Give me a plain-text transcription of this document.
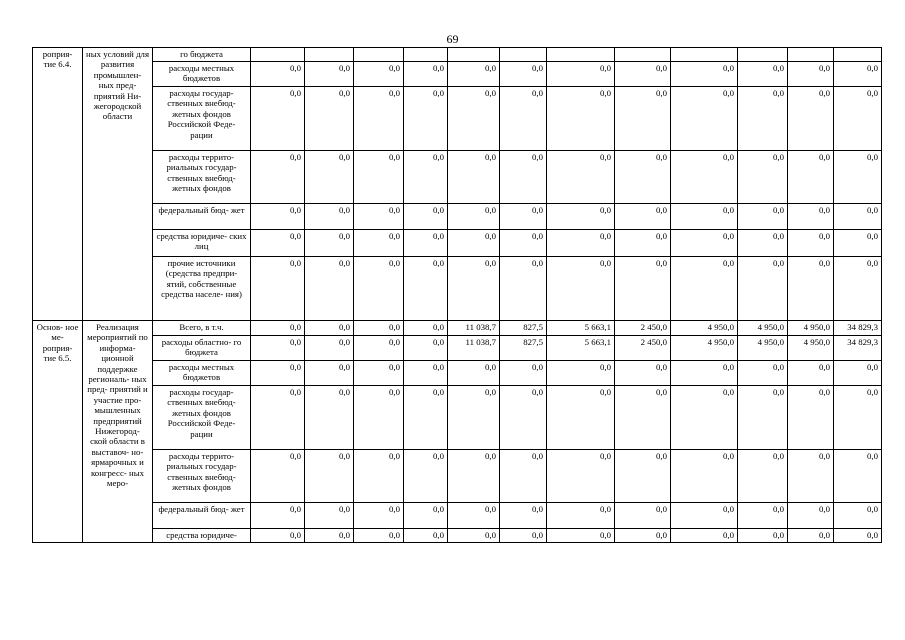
69
роприя- тие 6.4.	ных условий для развития промышлен- ных пред- приятий Ни- жегородской области	го бюджета												
		расходы местных бюджетов	0,0	0,0	0,0	0,0	0,0	0,0	0,0	0,0	0,0	0,0	0,0	0,0
		расходы государ- ственных внебюд- жетных фондов Российской Феде- рации	0,0	0,0	0,0	0,0	0,0	0,0	0,0	0,0	0,0	0,0	0,0	0,0
		расходы террито- риальных государ- ственных внебюд- жетных фондов	0,0	0,0	0,0	0,0	0,0	0,0	0,0	0,0	0,0	0,0	0,0	0,0
		федеральный бюд- жет	0,0	0,0	0,0	0,0	0,0	0,0	0,0	0,0	0,0	0,0	0,0	0,0
		средства юридиче- ских лиц	0,0	0,0	0,0	0,0	0,0	0,0	0,0	0,0	0,0	0,0	0,0	0,0
		прочие источники (средства предпри- ятий, собственные средства населе- ния)	0,0	0,0	0,0	0,0	0,0	0,0	0,0	0,0	0,0	0,0	0,0	0,0
Основ- ное ме- роприя- тие 6.5.	Реализация мероприятий по информа- ционной поддержке региональ- ных пред- приятий и участие про- мышленных предприятий Нижегород- ской области в выставоч- но- ярмарочных и конгресс- ных меро-	Всего, в т.ч.	0,0	0,0	0,0	0,0	11 038,7	827,5	5 663,1	2 450,0	4 950,0	4 950,0	4 950,0	34 829,3
		расходы областно- го бюджета	0,0	0,0	0,0	0,0	11 038,7	827,5	5 663,1	2 450,0	4 950,0	4 950,0	4 950,0	34 829,3
		расходы местных бюджетов	0,0	0,0	0,0	0,0	0,0	0,0	0,0	0,0	0,0	0,0	0,0	0,0
		расходы государ- ственных внебюд- жетных фондов Российской Феде- рации	0,0	0,0	0,0	0,0	0,0	0,0	0,0	0,0	0,0	0,0	0,0	0,0
		расходы террито- риальных государ- ственных внебюд- жетных фондов	0,0	0,0	0,0	0,0	0,0	0,0	0,0	0,0	0,0	0,0	0,0	0,0
		федеральный бюд- жет	0,0	0,0	0,0	0,0	0,0	0,0	0,0	0,0	0,0	0,0	0,0	0,0
		средства юридиче-	0,0	0,0	0,0	0,0	0,0	0,0	0,0	0,0	0,0	0,0	0,0	0,0
